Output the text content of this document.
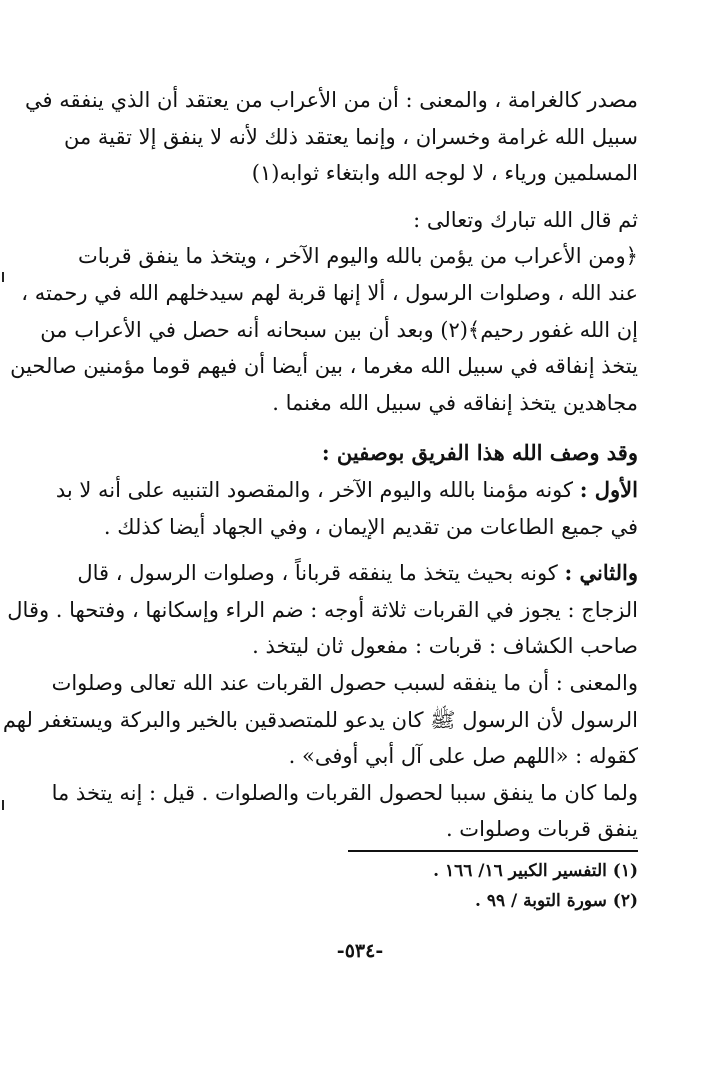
مصدر كالغرامة ، والمعنى : أن من الأعراب من يعتقد أن الذي ينفقه في

سبيل الله غرامة وخسران ، وإنما يعتقد ذلك لأنه لا ينفق إلا تقية من

المسلمين ورياء ، لا لوجه الله وابتغاء ثوابه(١)

ثم قال الله تبارك وتعالى :

﴿ومن الأعراب من يؤمن بالله واليوم الآخر ، ويتخذ ما ينفق قربات

عند الله ، وصلوات الرسول ، ألا إنها قربة لهم سيدخلهم الله في رحمته ،

إن الله غفور رحيم﴾(٢) وبعد أن بين سبحانه أنه حصل في الأعراب من

يتخذ إنفاقه في سبيل الله مغرما ، بين أيضا أن فيهم قوما مؤمنين صالحين

مجاهدين يتخذ إنفاقه في سبيل الله مغنما .

وقد وصف الله هذا الفريق بوصفين :

الأول : كونه مؤمنا بالله واليوم الآخر ، والمقصود التنبيه على أنه لا بد

في جميع الطاعات من تقديم الإيمان ، وفي الجهاد أيضا كذلك .

والثاني : كونه بحيث يتخذ ما ينفقه قرباناً ، وصلوات الرسول ، قال

الزجاج : يجوز في القربات ثلاثة أوجه : ضم الراء وإسكانها ، وفتحها . وقال

صاحب الكشاف : قربات : مفعول ثان ليتخذ .

والمعنى : أن ما ينفقه لسبب حصول القربات عند الله تعالى وصلوات

الرسول لأن الرسول ﷺ كان يدعو للمتصدقين بالخير والبركة ويستغفر لهم

كقوله : «اللهم صل على آل أبي أوفى» .

ولما كان ما ينفق سببا لحصول القربات والصلوات . قيل : إنه يتخذ ما

ينفق قربات وصلوات .

(١) التفسير الكبير ١٦/ ١٦٦ .

(٢) سورة التوبة / ٩٩ .

-٥٣٤-
